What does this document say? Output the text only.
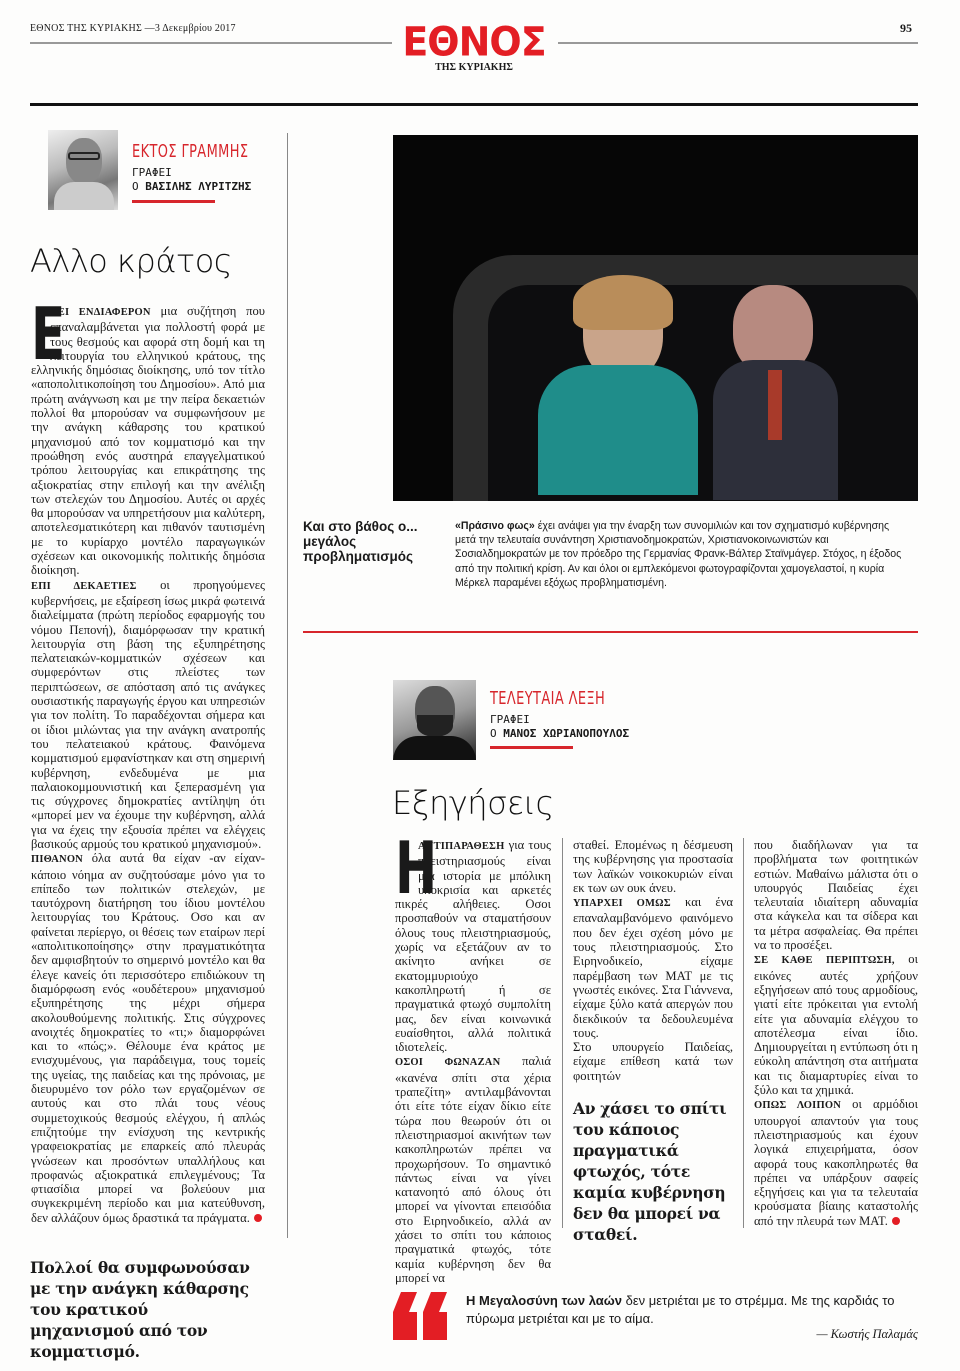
ΕΘΝΟΣ ΤΗΣ ΚΥΡΙΑΚΗΣ —3 Δεκεμβρίου 2017	ΕΘΝΟΣ
ΤΗΣ ΚΥΡΙΑΚΗΣ
95
ΕΚΤΟΣ ΓΡΑΜΜΗΣ
ΓΡΑΦΕΙ
Ο ΒΑΣΙΛΗΣ ΛΥΡΙΤΖΗΣ
Αλλο κράτος
Ε

ΧΕΙ ΕΝΔΙΑΦΕΡΟΝ μια συζήτηση που επαναλαμβάνεται για πολλοστή φορά με τους θεσμούς και αφορά στη δομή και τη λειτουργία του ελληνικού κράτους, της ελληνικής δημόσιας διοίκησης, υπό τον τίτλο «αποπολιτικοποίηση του Δημοσίου». Από μια πρώτη ανάγνωση και με την πείρα δεκαετιών πολλοί θα μπορούσαν να συμφωνήσουν με την ανάγκη κάθαρσης του κρατικού μηχανισμού από τον κομματισμό και την προώθηση ενός αυστηρά επαγγελματικού τρόπου λειτουργίας και επικράτησης της αξιοκρατίας στην επιλογή και την ανέλιξη των στελεχών του Δημοσίου. Αυτές οι αρχές θα μπορούσαν να υπηρετήσουν μια καλύτερη, αποτελεσματικότερη και πιθανόν ταυτισμένη με το κυρίαρχο μοντέλο παραγωγικών σχέσεων και οικονομικής πολιτικής δημόσια διοίκηση.

ΕΠΙ ΔΕΚΑΕΤΙΕΣ οι προηγούμενες κυβερνήσεις, με εξαίρεση ίσως μικρά φωτεινά διαλείμματα (πρώτη περίοδος εφαρμογής του νόμου Πεπονή), διαμόρφωσαν την κρατική λειτουργία στη βάση της εξυπηρέτησης πελατειακών-κομματικών σχέσεων και συμφερόντων στις πλείστες των περιπτώσεων, σε απόσταση από τις ανάγκες ουσιαστικής παραγωγής έργου και υπηρεσιών για τον πολίτη. Το παραδέχονται σήμερα και οι ίδιοι μιλώντας για την ανάγκη ανατροπής του πελατειακού κράτους. Φαινόμενα κομματισμού εμφανίστηκαν και στη σημερινή κυβέρνηση, ενδεδυμένα με μια παλαιοκομμουνιστική και ξεπερασμένη για τις σύγχρονες δημοκρατίες αντίληψη ότι «μπορεί μεν να έχουμε την κυβέρνηση, αλλά για να έχεις την εξουσία πρέπει να ελέγχεις βασικούς αρμούς του κρατικού μηχανισμού».

ΠΙΘΑΝΟΝ όλα αυτά θα είχαν -αν είχαν- κάποιο νόημα αν συζητούσαμε μόνο για το επίπεδο των πολιτικών στελεχών, με ταυτόχρονη διατήρηση του ίδιου μοντέλου λειτουργίας του Κράτους. Οσο και αν φαίνεται περίεργο, οι θέσεις των εταίρων περί «απολιτικοποίησης» στην πραγματικότητα δεν αμφισβητούν το σημερινό μοντέλο και θα έλεγε κανείς ότι περισσότερο επιδιώκουν τη διαμόρφωση ενός «ουδέτερου» μηχανισμού εξυπηρέτησης της μέχρι σήμερα ακολουθούμενης πολιτικής. Στις σύγχρονες ανοιχτές δημοκρατίες το «τι;» διαμορφώνει και το «πώς;». Θέλουμε ένα κράτος με ενισχυμένους, για παράδειγμα, τους τομείς της υγείας, της παιδείας και της πρόνοιας, με διευρυμένο τον ρόλο των εργαζομένων σε αυτούς και στο πλάι τους νέους συμμετοχικούς θεσμούς ελέγχου, ή απλώς επιζητούμε την ενίσχυση της κεντρικής γραφειοκρατίας με επαρκείς από πλευράς γνώσεων και προσόντων υπαλλήλους και προφανώς αξιοκρατικά επιλεγμένους; Τα φτιασίδια μπορεί να βολεύουν μια συγκεκριμένη περίοδο και μια κατεύθυνση, δεν αλλάζουν όμως δραστικά τα πράγματα.

Πολλοί θα συμφωνούσαν με την ανάγκη κάθαρσης του κρατικού μηχανισμού από τον κομματισμό.
Και στο βάθος ο... μεγάλος προβληματισμός
«Πράσινο φως» έχει ανάψει για την έναρξη των συνομιλιών και τον σχηματισμό κυβέρνησης μετά την τελευταία συνάντηση Χριστιανοδημοκρατών, Χριστιανοκοινωνιστών και Σοσιαλδημοκρατών με τον πρόεδρο της Γερμανίας Φρανκ-Βάλτερ Σταϊνμάγερ. Στόχος, η έξοδος από την πολιτική κρίση. Αν και όλοι οι εμπλεκόμενοι φωτογραφίζονται χαμογελαστοί, η κυρία Μέρκελ παραμένει εξόχως προβληματισμένη.
ΤΕΛΕΥΤΑΙΑ ΛΕΞΗ
ΓΡΑΦΕΙ
Ο ΜΑΝΟΣ ΧΩΡΙΑΝΟΠΟΥΛΟΣ
Εξηγήσεις
Η

ΑΝΤΙΠΑΡΑΘΕΣΗ για τους πλειστηριασμούς είναι μια ιστορία με μπόλικη υποκρισία και αρκετές πικρές αλήθειες. Οσοι προσπαθούν να σταματήσουν όλους τους πλειστηριασμούς, χωρίς να εξετάζουν αν το ακίνητο ανήκει σε εκατομμυριούχο κακοπληρωτή ή σε πραγματικά φτωχό συμπολίτη μας, δεν είναι κοινωνικά ευαίσθητοι, αλλά πολιτικά ιδιοτελείς.

ΟΣΟΙ ΦΩΝΑΖΑΝ παλιά «κανένα σπίτι στα χέρια τραπεζίτη» αντιλαμβάνονται ότι είτε τότε είχαν δίκιο είτε τώρα που θεωρούν ότι οι πλειστηριασμοί ακινήτων των κακοπληρωτών πρέπει να προχωρήσουν. Το σημαντικό πάντως είναι να γίνει κατανοητό από όλους ότι μπορεί να γίνονται επεισόδια στο Ειρηνοδικείο, αλλά αν χάσει το σπίτι του κάποιος πραγματικά φτωχός, τότε καμία κυβέρνηση δεν θα μπορεί να

σταθεί. Επομένως η δέσμευση της κυβέρνησης για προστασία των λαϊκών νοικοκυριών είναι εκ των ων ουκ άνευ.

ΥΠΑΡΧΕΙ ΟΜΩΣ και ένα επαναλαμβανόμενο φαινόμενο που δεν έχει σχέση μόνο με τους πλειστηριασμούς. Στο Ειρηνοδικείο, είχαμε παρέμβαση των ΜΑΤ με τις γνωστές εικόνες. Στα Γιάννενα, είχαμε ξύλο κατά απεργών που διεκδικούν τα δεδουλευμένα τους.

Στο υπουργείο Παιδείας, είχαμε επίθεση κατά των φοιτητών

Αν χάσει το σπίτι του κάποιος πραγματικά φτωχός, τότε καμία κυβέρνηση δεν θα μπορεί να σταθεί.

που διαδήλωναν για τα προβλήματα των φοιτητικών εστιών. Μαθαίνω μάλιστα ότι ο υπουργός Παιδείας έχει τελευταία ιδιαίτερη αδυναμία στα κάγκελα και τα σίδερα και τα μέτρα ασφαλείας. Θα πρέπει να το προσέξει.

ΣΕ ΚΑΘΕ ΠΕΡΙΠΤΩΣΗ, οι εικόνες αυτές χρήζουν εξηγήσεων από τους αρμοδίους, γιατί είτε πρόκειται για εντολή είτε για αδυναμία ελέγχου το αποτέλεσμα είναι ίδιο. Δημιουργείται η εντύπωση ότι η εύκολη απάντηση στα αιτήματα και τις διαμαρτυρίες είναι το ξύλο και τα χημικά.

ΟΠΩΣ ΛΟΙΠΟΝ οι αρμόδιοι υπουργοί απαντούν για τους πλειστηριασμούς και έχουν λογικά επιχειρήματα, όσον αφορά τους κακοπληρωτές θα πρέπει να υπάρξουν σαφείς εξηγήσεις και για τα τελευταία κρούσματα βίαιης καταστολής από την πλευρά των ΜΑΤ.

Η Μεγαλοσύνη των λαών δεν μετριέται με το στρέμμα. Με της καρδιάς το πύρωμα μετριέται και με το αίμα.
— Κωστής Παλαμάς
